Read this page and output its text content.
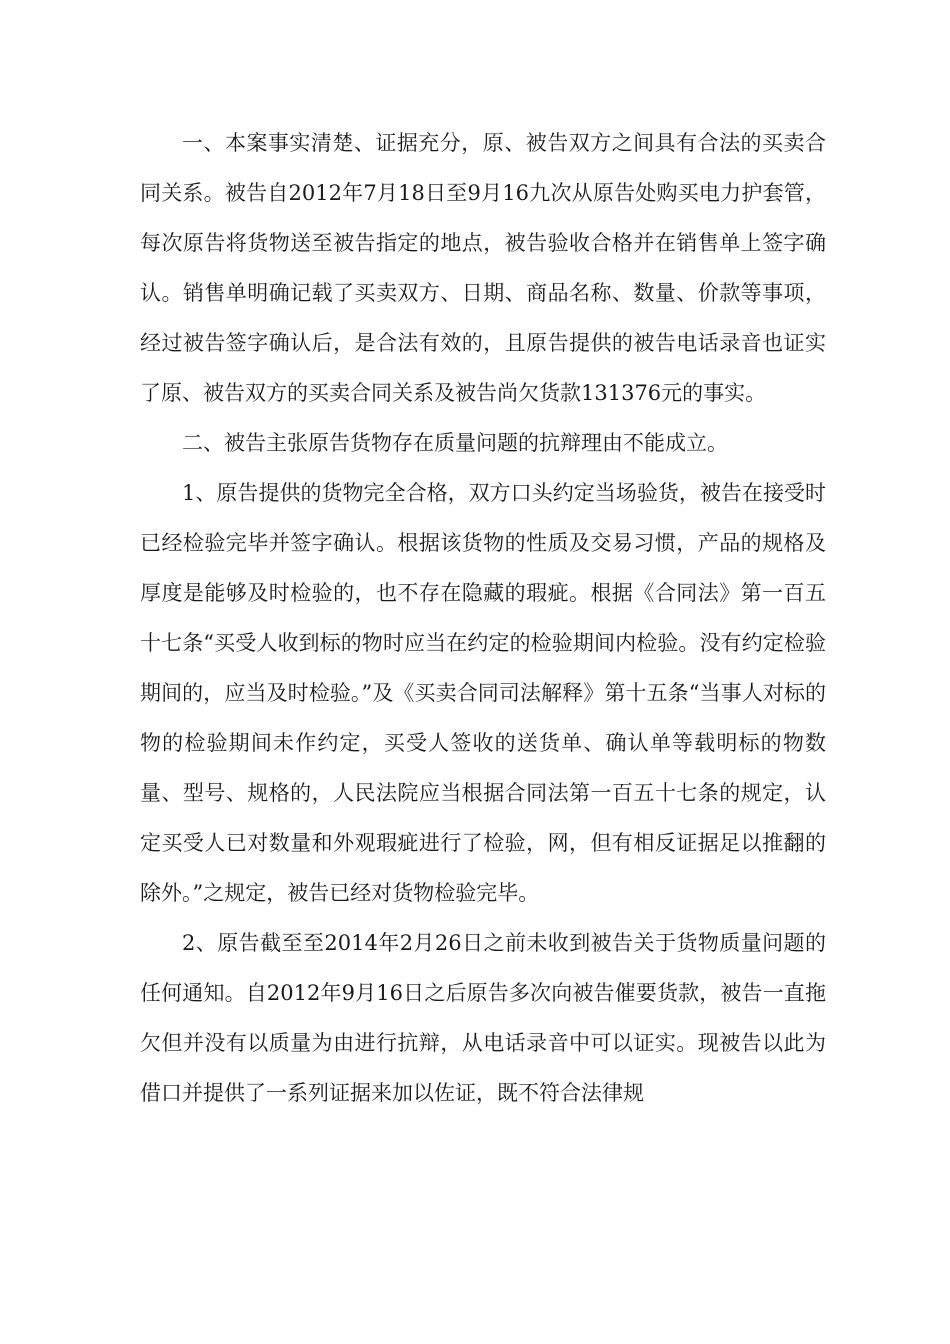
一、本案事实清楚、证据充分，原、被告双方之间具有合法的买卖合同关系。被告自2012年7月18日至9月16九次从原告处购买电力护套管，每次原告将货物送至被告指定的地点，被告验收合格并在销售单上签字确认。销售单明确记载了买卖双方、日期、商品名称、数量、价款等事项，经过被告签字确认后，是合法有效的，且原告提供的被告电话录音也证实了原、被告双方的买卖合同关系及被告尚欠货款131376元的事实。

二、被告主张原告货物存在质量问题的抗辩理由不能成立。

1、原告提供的货物完全合格，双方口头约定当场验货，被告在接受时已经检验完毕并签字确认。根据该货物的性质及交易习惯，产品的规格及厚度是能够及时检验的，也不存在隐藏的瑕疵。根据《合同法》第一百五十七条“买受人收到标的物时应当在约定的检验期间内检验。没有约定检验期间的，应当及时检验。”及《买卖合同司法解释》第十五条“当事人对标的物的检验期间未作约定，买受人签收的送货单、确认单等载明标的物数量、型号、规格的，人民法院应当根据合同法第一百五十七条的规定，认定买受人已对数量和外观瑕疵进行了检验，网，但有相反证据足以推翻的除外。”之规定，被告已经对货物检验完毕。

2、原告截至至2014年2月26日之前未收到被告关于货物质量问题的任何通知。自2012年9月16日之后原告多次向被告催要货款，被告一直拖欠但并没有以质量为由进行抗辩，从电话录音中可以证实。现被告以此为借口并提供了一系列证据来加以佐证，既不符合法律规
